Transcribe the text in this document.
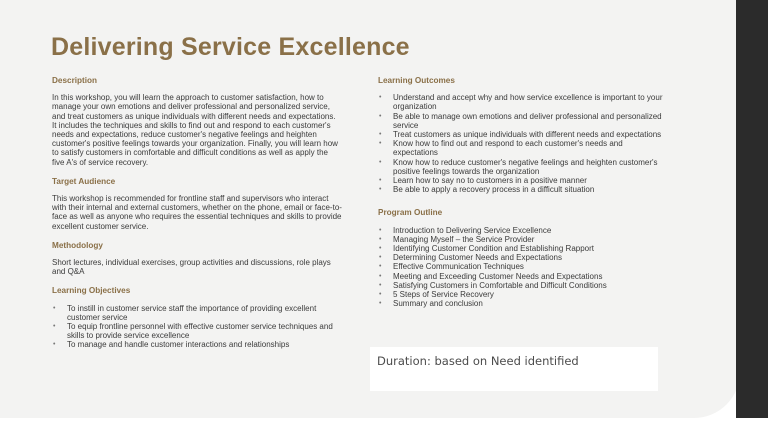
Delivering Service Excellence
Description

In this workshop, you will learn the approach to customer satisfaction, how to manage your own emotions and deliver professional and personalized service, and treat customers as unique individuals with different needs and expectations. It includes the techniques and skills to find out and respond to each customer's needs and expectations, reduce customer's negative feelings and heighten customer's positive feelings towards your organization. Finally, you will learn how to satisfy customers in comfortable and difficult conditions as well as apply the five A's of service recovery.

Target Audience

This workshop is recommended for frontline staff and supervisors who interact with their internal and external customers, whether on the phone, email or face-to-face as well as anyone who requires the essential techniques and skills to provide excellent customer service.

Methodology

Short lectures, individual exercises, group activities and discussions, role plays and Q&A

Learning Objectives
• To instill in customer service staff the importance of providing excellent customer service
• To equip frontline personnel with effective customer service techniques and skills to provide service excellence
• To manage and handle customer interactions and relationships
Learning Outcomes
• Understand and accept why and how service excellence is important to your organization
• Be able to manage own emotions and deliver professional and personalized service
• Treat customers as unique individuals with different needs and expectations
• Know how to find out and respond to each customer's needs and expectations
• Know how to reduce customer's negative feelings and heighten customer's positive feelings towards the organization
• Learn how to say no to customers in a positive manner
• Be able to apply a recovery process in a difficult situation
Program Outline
• Introduction to Delivering Service Excellence
• Managing Myself – the Service Provider
• Identifying Customer Condition and Establishing Rapport
• Determining Customer Needs and Expectations
• Effective Communication Techniques
• Meeting and Exceeding Customer Needs and Expectations
• Satisfying Customers in Comfortable and Difficult Conditions
• 5 Steps of Service Recovery
• Summary and conclusion

Duration: based on Need identified
